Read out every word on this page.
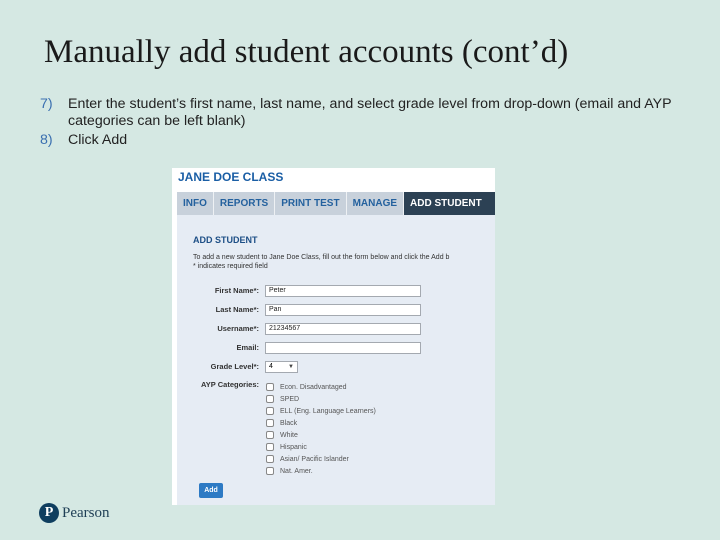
Manually add student accounts (cont’d)
7) Enter the student’s first name, last name, and select grade level from drop-down (email and AYP categories can be left blank)
8) Click Add
JANE DOE CLASS
INFO	REPORTS	PRINT TEST	MANAGE	ADD STUDENT
ADD STUDENT
To add a new student to Jane Doe Class, fill out the form below and click the Add b
* indicates required field
First Name*:
Peter
Last Name*:
Pan
Username*:
21234567
Email:
Grade Level*:	4	▼
AYP Categories:	Econ. Disadvantaged
SPED
ELL (Eng. Language Learners)
Black
White
Hispanic
Asian/ Pacific Islander
Nat. Amer.
Add
P Pearson
